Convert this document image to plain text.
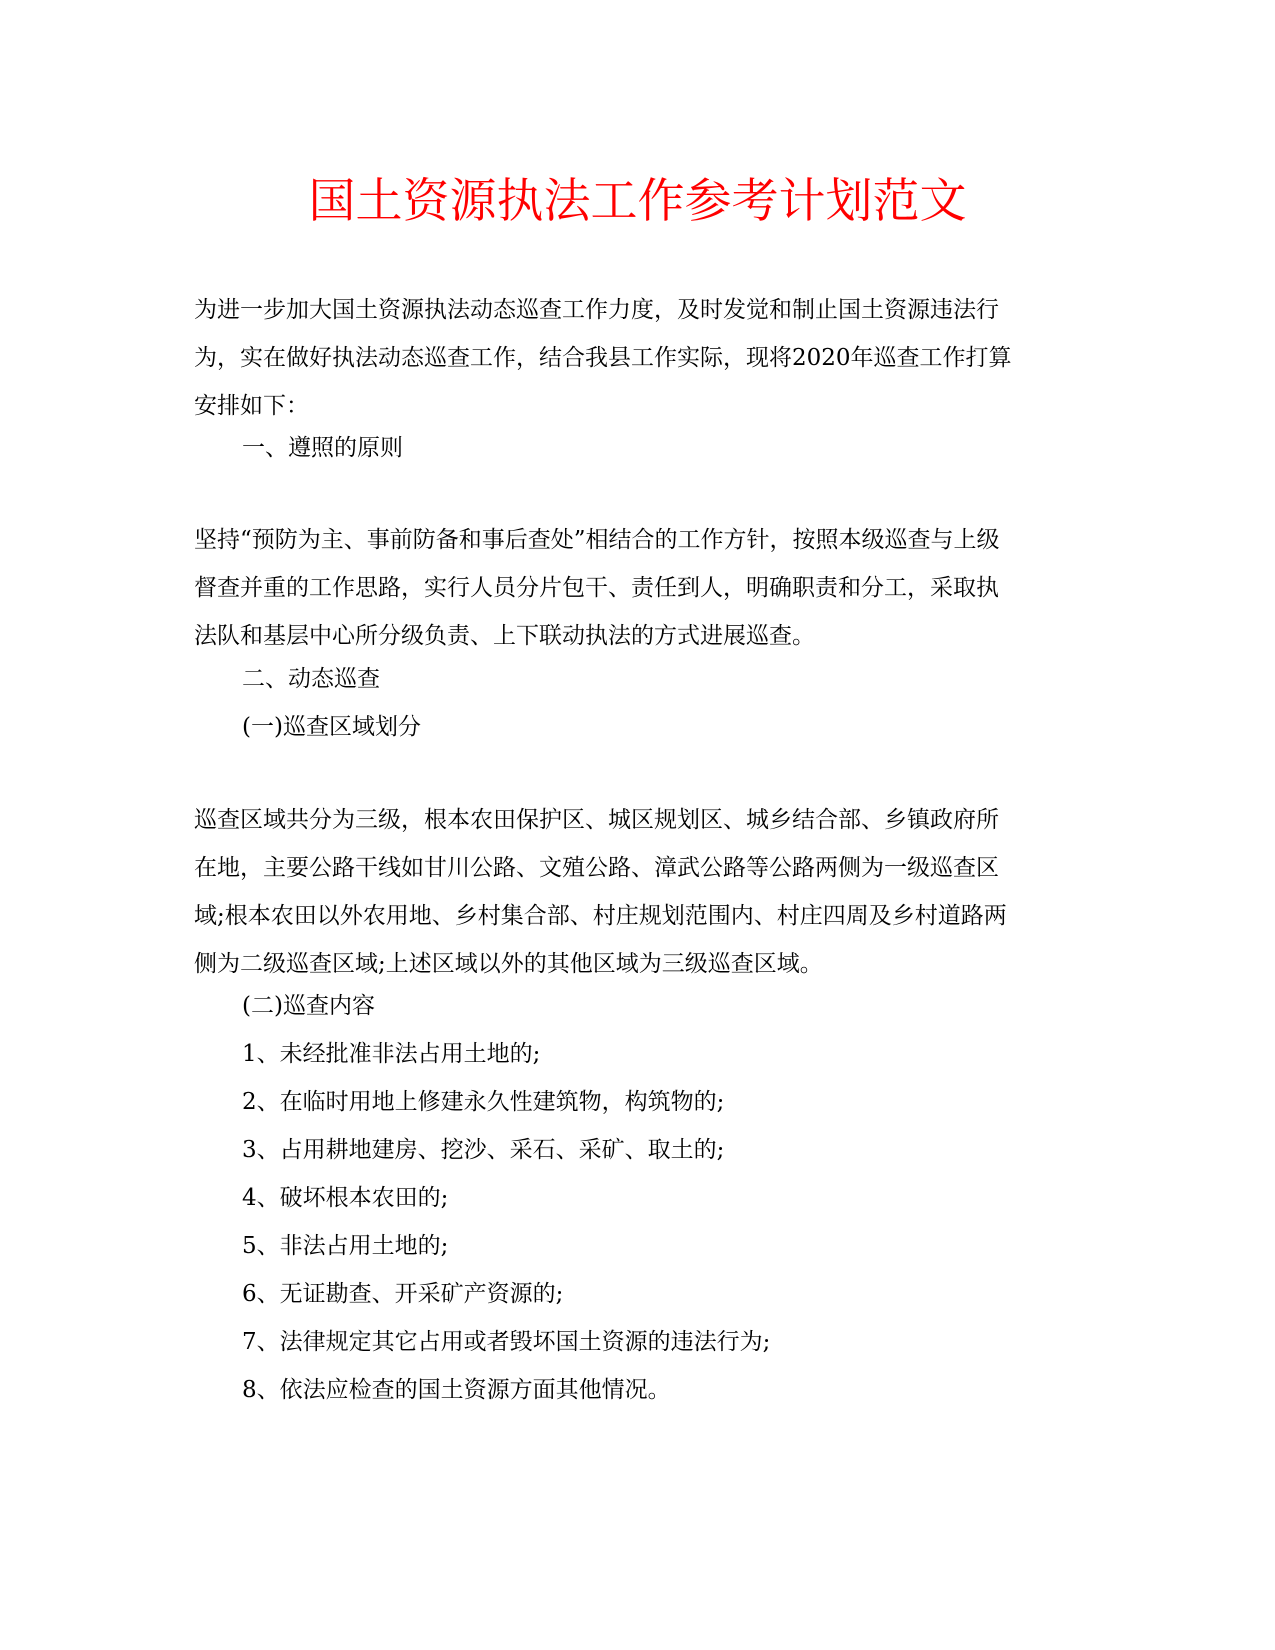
国土资源执法工作参考计划范文
为进一步加大国土资源执法动态巡查工作力度，及时发觉和制止国土资源违法行
为，实在做好执法动态巡查工作，结合我县工作实际，现将2020年巡查工作打算
安排如下：
一、遵照的原则
坚持“预防为主、事前防备和事后查处”相结合的工作方针，按照本级巡查与上级
督查并重的工作思路，实行人员分片包干、责任到人，明确职责和分工，采取执
法队和基层中心所分级负责、上下联动执法的方式进展巡查。
二、动态巡查
(一)巡查区域划分
巡查区域共分为三级，根本农田保护区、城区规划区、城乡结合部、乡镇政府所
在地，主要公路干线如甘川公路、文殖公路、漳武公路等公路两侧为一级巡查区
域;根本农田以外农用地、乡村集合部、村庄规划范围内、村庄四周及乡村道路两
侧为二级巡查区域;上述区域以外的其他区域为三级巡查区域。
(二)巡查内容
1、未经批准非法占用土地的;
2、在临时用地上修建永久性建筑物，构筑物的;
3、占用耕地建房、挖沙、采石、采矿、取土的;
4、破坏根本农田的;
5、非法占用土地的;
6、无证勘查、开采矿产资源的;
7、法律规定其它占用或者毁坏国土资源的违法行为;
8、依法应检查的国土资源方面其他情况。
